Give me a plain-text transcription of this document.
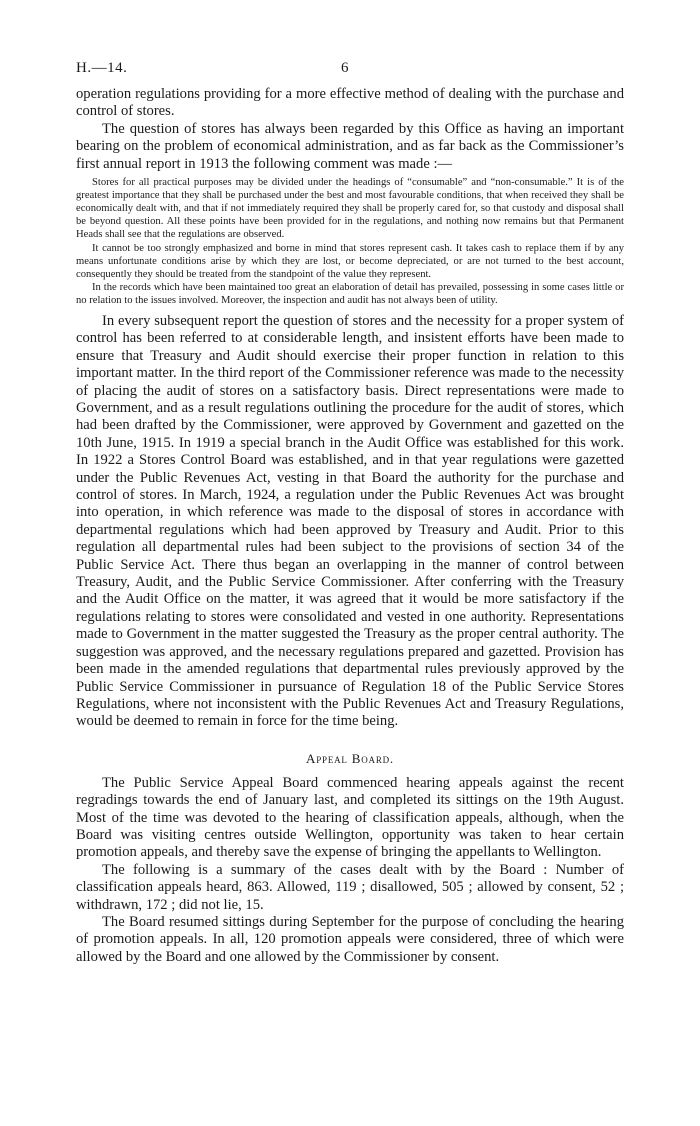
H.—14.	6

operation regulations providing for a more effective method of dealing with the purchase and control of stores.

The question of stores has always been regarded by this Office as having an important bearing on the problem of economical administration, and as far back as the Commissioner’s first annual report in 1913 the following comment was made :—

Stores for all practical purposes may be divided under the headings of “consumable” and “non-consumable.” It is of the greatest importance that they shall be purchased under the best and most favourable conditions, that when received they shall be economically dealt with, and that if not immediately required they shall be properly cared for, so that custody and disposal shall be beyond question. All these points have been provided for in the regulations, and nothing now remains but that Permanent Heads shall see that the regulations are observed.

It cannot be too strongly emphasized and borne in mind that stores represent cash. It takes cash to replace them if by any means unfortunate conditions arise by which they are lost, or become depreciated, or are not turned to the best account, consequently they should be treated from the standpoint of the value they represent.

In the records which have been maintained too great an elaboration of detail has prevailed, possessing in some cases little or no relation to the issues involved. Moreover, the inspection and audit has not always been of utility.

In every subsequent report the question of stores and the necessity for a proper system of control has been referred to at considerable length, and insistent efforts have been made to ensure that Treasury and Audit should exercise their proper function in relation to this important matter. In the third report of the Commissioner reference was made to the necessity of placing the audit of stores on a satisfactory basis. Direct representations were made to Government, and as a result regulations outlining the procedure for the audit of stores, which had been drafted by the Commissioner, were approved by Government and gazetted on the 10th June, 1915. In 1919 a special branch in the Audit Office was established for this work. In 1922 a Stores Control Board was established, and in that year regulations were gazetted under the Public Revenues Act, vesting in that Board the authority for the purchase and control of stores. In March, 1924, a regulation under the Public Revenues Act was brought into operation, in which reference was made to the disposal of stores in accordance with departmental regulations which had been approved by Treasury and Audit. Prior to this regulation all departmental rules had been subject to the provisions of section 34 of the Public Service Act. There thus began an overlapping in the manner of control between Treasury, Audit, and the Public Service Commissioner. After conferring with the Treasury and the Audit Office on the matter, it was agreed that it would be more satisfactory if the regulations relating to stores were consolidated and vested in one authority. Representations made to Government in the matter suggested the Treasury as the proper central authority. The suggestion was approved, and the necessary regulations prepared and gazetted. Provision has been made in the amended regulations that departmental rules previously approved by the Public Service Commissioner in pursuance of Regulation 18 of the Public Service Stores Regulations, where not inconsistent with the Public Revenues Act and Treasury Regulations, would be deemed to remain in force for the time being.

Appeal Board.

The Public Service Appeal Board commenced hearing appeals against the recent regradings towards the end of January last, and completed its sittings on the 19th August. Most of the time was devoted to the hearing of classification appeals, although, when the Board was visiting centres outside Wellington, opportunity was taken to hear certain promotion appeals, and thereby save the expense of bringing the appellants to Wellington.

The following is a summary of the cases dealt with by the Board : Number of classification appeals heard, 863. Allowed, 119 ; disallowed, 505 ; allowed by consent, 52 ; withdrawn, 172 ; did not lie, 15.

The Board resumed sittings during September for the purpose of concluding the hearing of promotion appeals. In all, 120 promotion appeals were considered, three of which were allowed by the Board and one allowed by the Commissioner by consent.
